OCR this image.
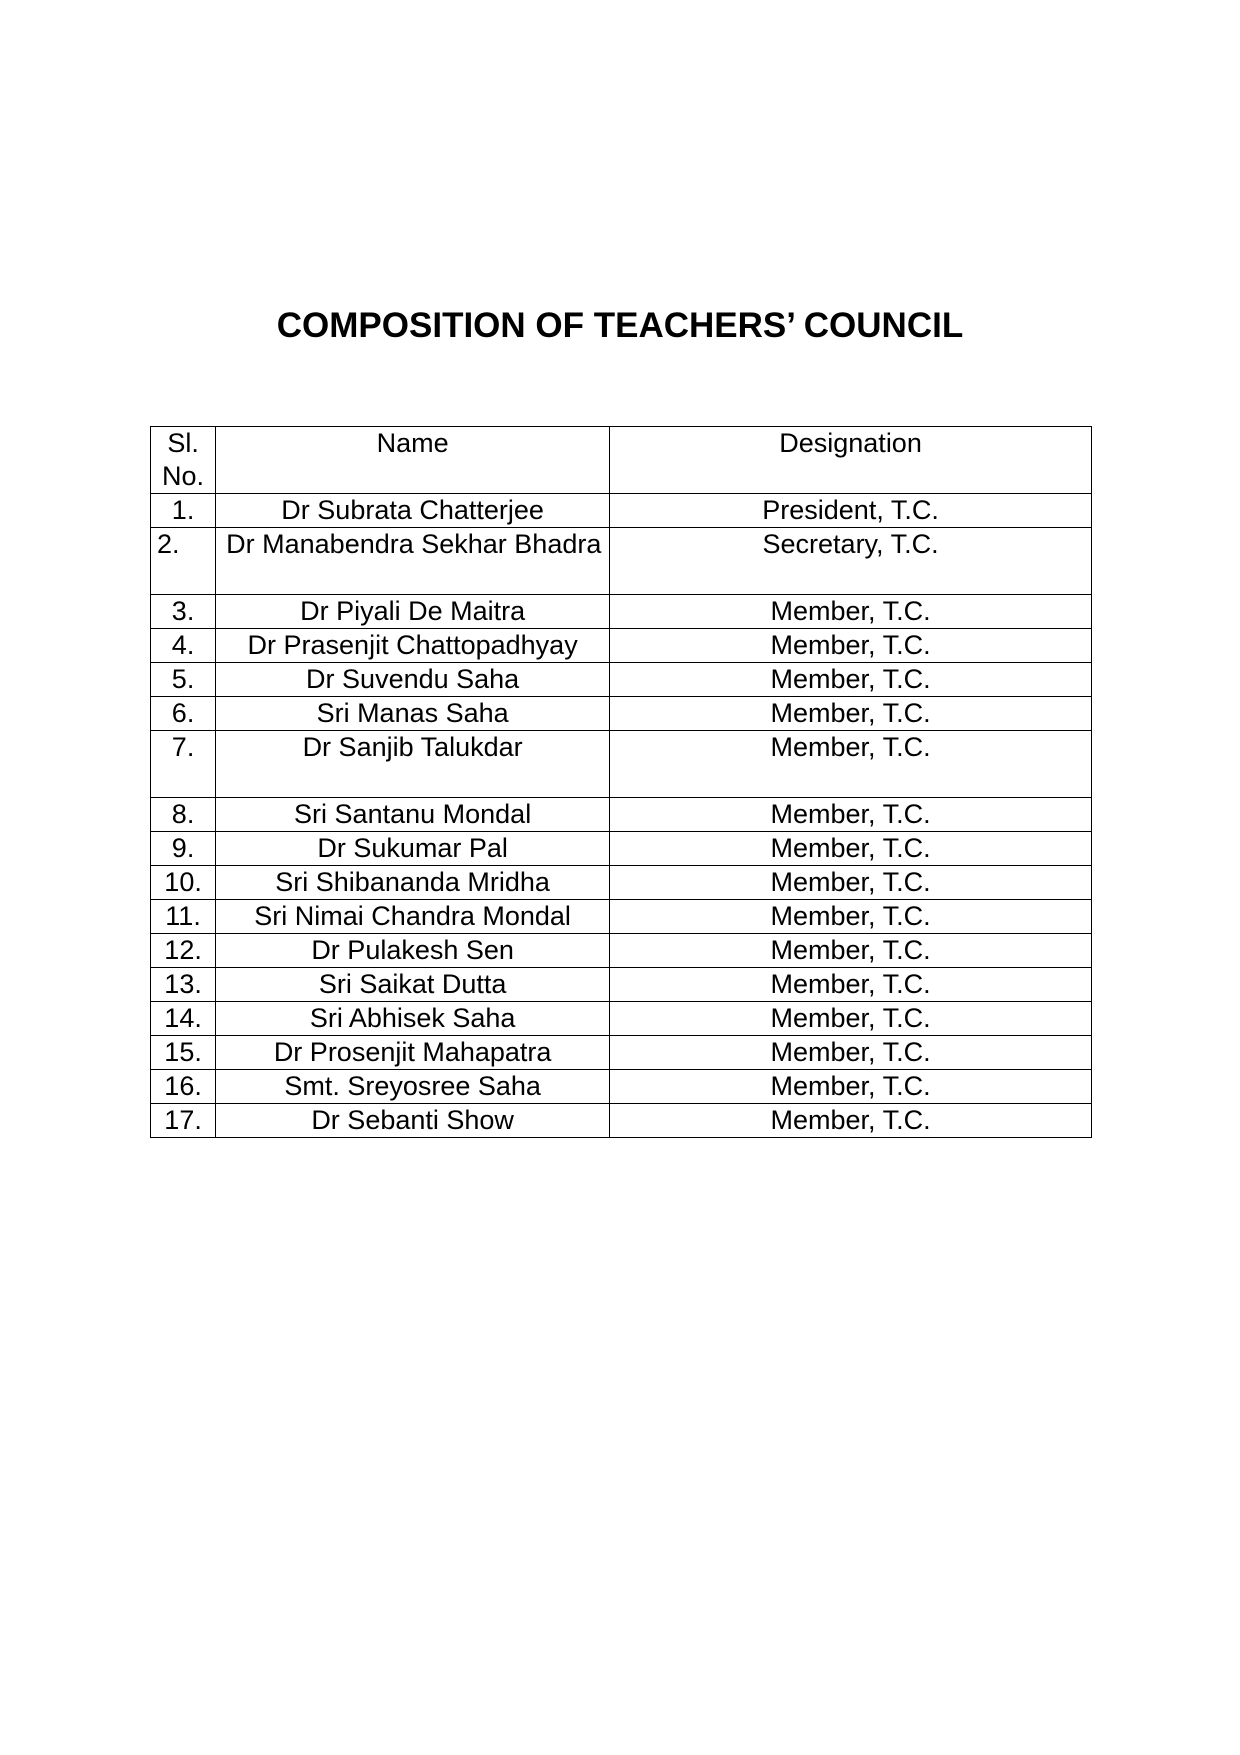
COMPOSITION OF TEACHERS’ COUNCIL
Sl.
No.	Name	Designation
1.	Dr Subrata Chatterjee	President, T.C.
2.	Dr Manabendra Sekhar Bhadra	Secretary, T.C.
3.	Dr Piyali De Maitra	Member, T.C.
4.	Dr Prasenjit Chattopadhyay	Member, T.C.
5.	Dr Suvendu Saha	Member, T.C.
6.	Sri Manas Saha	Member, T.C.
7.	Dr Sanjib Talukdar	Member, T.C.
8.	Sri Santanu Mondal	Member, T.C.
9.	Dr Sukumar Pal	Member, T.C.
10.	Sri Shibananda Mridha	Member, T.C.
11.	Sri Nimai Chandra Mondal	Member, T.C.
12.	Dr Pulakesh Sen	Member, T.C.
13.	Sri Saikat Dutta	Member, T.C.
14.	Sri Abhisek Saha	Member, T.C.
15.	Dr Prosenjit Mahapatra	Member, T.C.
16.	Smt. Sreyosree Saha	Member, T.C.
17.	Dr Sebanti Show	Member, T.C.
